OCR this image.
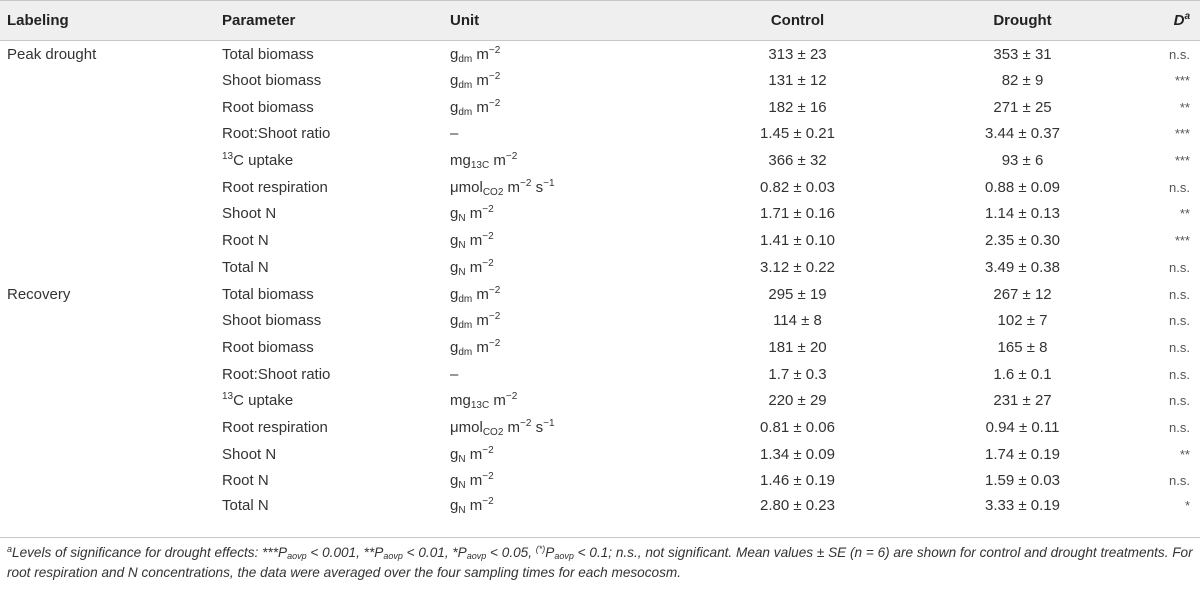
Labeling	Parameter	Unit	Control	Drought	$D^a$
Peak drought	Total biomass	$g_{dm}$ $m^{-2}$	313 ± 23	353 ± 31	n.s.
	Shoot biomass	$g_{dm}$ $m^{-2}$	131 ± 12	82 ± 9	***
	Root biomass	$g_{dm}$ $m^{-2}$	182 ± 16	271 ± 25	**
	Root:Shoot ratio	–	1.45 ± 0.21	3.44 ± 0.37	***
	$^{13}$C uptake	$mg_{13C}$ $m^{-2}$	366 ± 32	93 ± 6	***
	Root respiration	μmol$_{CO2}$ $m^{-2}$ $s^{-1}$	0.82 ± 0.03	0.88 ± 0.09	n.s.
	Shoot N	$g_N$ $m^{-2}$	1.71 ± 0.16	1.14 ± 0.13	**
	Root N	$g_N$ $m^{-2}$	1.41 ± 0.10	2.35 ± 0.30	***
	Total N	$g_N$ $m^{-2}$	3.12 ± 0.22	3.49 ± 0.38	n.s.
Recovery	Total biomass	$g_{dm}$ $m^{-2}$	295 ± 19	267 ± 12	n.s.
	Shoot biomass	$g_{dm}$ $m^{-2}$	114 ± 8	102 ± 7	n.s.
	Root biomass	$g_{dm}$ $m^{-2}$	181 ± 20	165 ± 8	n.s.
	Root:Shoot ratio	–	1.7 ± 0.3	1.6 ± 0.1	n.s.
	$^{13}$C uptake	$mg_{13C}$ $m^{-2}$	220 ± 29	231 ± 27	n.s.
	Root respiration	μmol$_{CO2}$ $m^{-2}$ $s^{-1}$	0.81 ± 0.06	0.94 ± 0.11	n.s.
	Shoot N	$g_N$ $m^{-2}$	1.34 ± 0.09	1.74 ± 0.19	**
	Root N	$g_N$ $m^{-2}$	1.46 ± 0.19	1.59 ± 0.03	n.s.
	Total N	$g_N$ $m^{-2}$	2.80 ± 0.23	3.33 ± 0.19	*
$^a$Levels of significance for drought effects: $***P_{aovp} < 0.001$, $**P_{aovp} < 0.01$, $*P_{aovp} < 0.05$, $^{(*)}P_{aovp} < 0.1$; n.s., not significant. Mean values ± SE (n = 6) are shown for control and drought treatments. For root respiration and N concentrations, the data were averaged over the four sampling times for each mesocosm.
